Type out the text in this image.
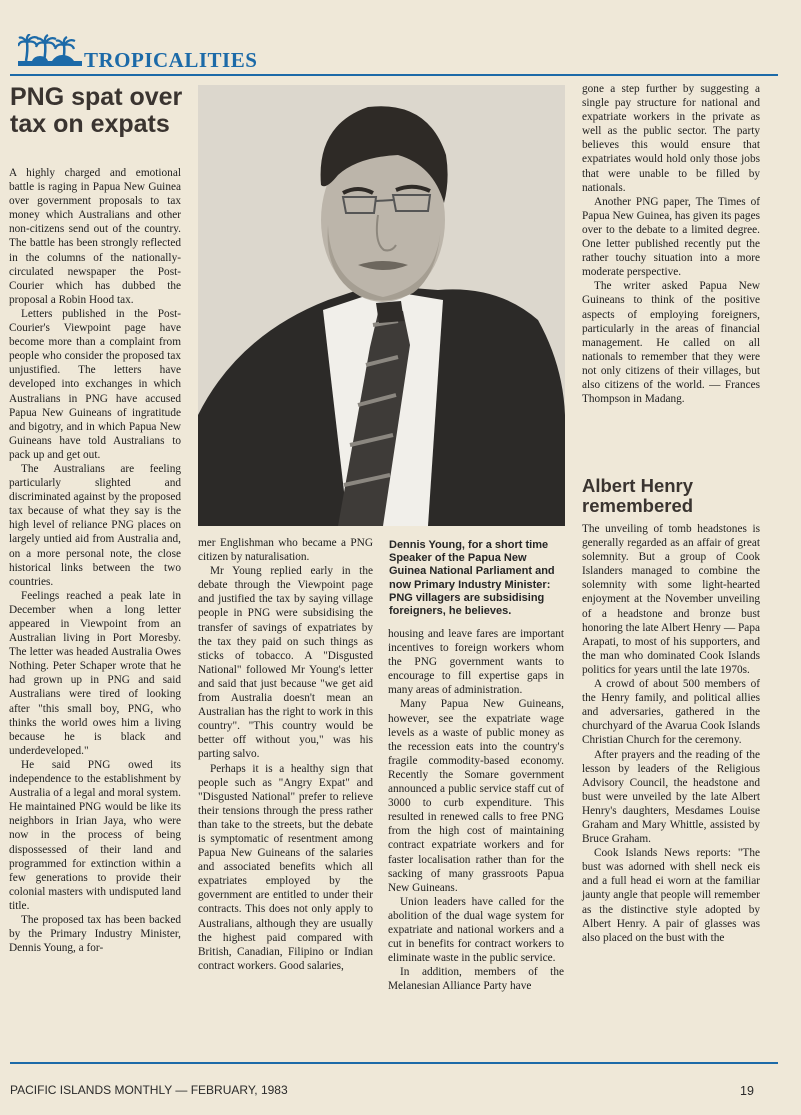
TROPICALITIES
PNG spat over tax on expats

A highly charged and emotional battle is raging in Papua New Guinea over government proposals to tax money which Australians and other non-citizens send out of the country. The battle has been strongly reflected in the columns of the nationally-circulated newspaper the Post-Courier which has dubbed the proposal a Robin Hood tax.

Letters published in the Post-Courier's Viewpoint page have become more than a complaint from people who consider the proposed tax unjustified. The letters have developed into exchanges in which Australians in PNG have accused Papua New Guineans of ingratitude and bigotry, and in which Papua New Guineans have told Australians to pack up and get out.

The Australians are feeling particularly slighted and discriminated against by the proposed tax because of what they say is the high level of reliance PNG places on largely untied aid from Australia and, on a more personal note, the close historical links between the two countries.

Feelings reached a peak late in December when a long letter appeared in Viewpoint from an Australian living in Port Moresby. The letter was headed Australia Owes Nothing. Peter Schaper wrote that he had grown up in PNG and said Australians were tired of looking after "this small boy, PNG, who thinks the world owes him a living because he is black and underdeveloped."

He said PNG owed its independence to the establishment by Australia of a legal and moral system. He maintained PNG would be like its neighbors in Irian Jaya, who were now in the process of being dispossessed of their land and programmed for extinction within a few generations to provide their colonial masters with undisputed land title.

The proposed tax has been backed by the Primary Industry Minister, Dennis Young, a for-

mer Englishman who became a PNG citizen by naturalisation.

Mr Young replied early in the debate through the Viewpoint page and justified the tax by saying village people in PNG were subsidising the transfer of savings of expatriates by the tax they paid on such things as sticks of tobacco. A "Disgusted National" followed Mr Young's letter and said that just because "we get aid from Australia doesn't mean an Australian has the right to work in this country". "This country would be better off without you," was his parting salvo.

Perhaps it is a healthy sign that people such as "Angry Expat" and "Disgusted National" prefer to relieve their tensions through the press rather than take to the streets, but the debate is symptomatic of resentment among Papua New Guineans of the salaries and associated benefits which all expatriates employed by the government are entitled to under their contracts. This does not only apply to Australians, although they are usually the highest paid compared with British, Canadian, Filipino or Indian contract workers. Good salaries,

Dennis Young, for a short time Speaker of the Papua New Guinea National Parliament and now Primary Industry Minister: PNG villagers are subsidising foreigners, he believes.

housing and leave fares are important incentives to foreign workers whom the PNG government wants to encourage to fill expertise gaps in many areas of administration.

Many Papua New Guineans, however, see the expatriate wage levels as a waste of public money as the recession eats into the country's fragile commodity-based economy. Recently the Somare government announced a public service staff cut of 3000 to curb expenditure. This resulted in renewed calls to free PNG from the high cost of maintaining contract expatriate workers and for faster localisation rather than for the sacking of many grassroots Papua New Guineans.

Union leaders have called for the abolition of the dual wage system for expatriate and national workers and a cut in benefits for contract workers to eliminate waste in the public service.

In addition, members of the Melanesian Alliance Party have

gone a step further by suggesting a single pay structure for national and expatriate workers in the private as well as the public sector. The party believes this would ensure that expatriates would hold only those jobs that were unable to be filled by nationals.

Another PNG paper, The Times of Papua New Guinea, has given its pages over to the debate to a limited degree. One letter published recently put the rather touchy situation into a more moderate perspective.

The writer asked Papua New Guineans to think of the positive aspects of employing foreigners, particularly in the areas of financial management. He called on all nationals to remember that they were not only citizens of their villages, but also citizens of the world. — Frances Thompson in Madang.

Albert Henry remembered

The unveiling of tomb headstones is generally regarded as an affair of great solemnity. But a group of Cook Islanders managed to combine the solemnity with some light-hearted enjoyment at the November unveiling of a headstone and bronze bust honoring the late Albert Henry — Papa Arapati, to most of his supporters, and the man who dominated Cook Islands politics for years until the late 1970s.

A crowd of about 500 members of the Henry family, and political allies and adversaries, gathered in the churchyard of the Avarua Cook Islands Christian Church for the ceremony.

After prayers and the reading of the lesson by leaders of the Religious Advisory Council, the headstone and bust were unveiled by the late Albert Henry's daughters, Mesdames Louise Graham and Mary Whittle, assisted by Bruce Graham.

Cook Islands News reports: "The bust was adorned with shell neck eis and a full head ei worn at the familiar jaunty angle that people will remember as the distinctive style adopted by Albert Henry. A pair of glasses was also placed on the bust with the

PACIFIC ISLANDS MONTHLY — FEBRUARY, 1983	19
